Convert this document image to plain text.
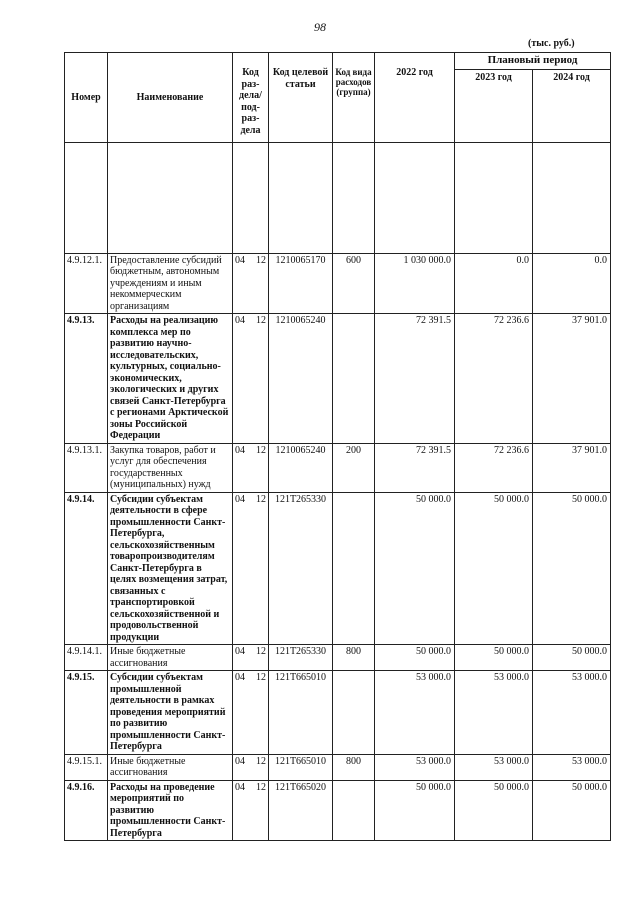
98
(тыс. руб.)
Номер	Наименование	Код раз- дела/ под- раз- дела	Код целевой статьи	Код вида расходов (группа)	2022 год	Плановый период	
						2023 год	2024 год

4.9.12.1.	Предоставление субсидий бюджетным, автономным учреждениям и иным некоммерческим организациям	04 12	1210065170	600	1 030 000.0	0.0	0.0
4.9.13.	Расходы на реализацию комплекса мер по развитию научно-исследовательских, культурных, социально-экономических, экологических и других связей Санкт-Петербурга с регионами Арктической зоны Российской Федерации	04 12	1210065240		72 391.5	72 236.6	37 901.0
4.9.13.1.	Закупка товаров, работ и услуг для обеспечения государственных (муниципальных) нужд	04 12	1210065240	200	72 391.5	72 236.6	37 901.0
4.9.14.	Субсидии субъектам деятельности в сфере промышленности Санкт-Петербурга, сельскохозяйственным товаропроизводителям Санкт-Петербурга в целях возмещения затрат, связанных с транспортировкой сельскохозяйственной и продовольственной продукции	04 12	121Т265330		50 000.0	50 000.0	50 000.0
4.9.14.1.	Иные бюджетные ассигнования	04 12	121Т265330	800	50 000.0	50 000.0	50 000.0
4.9.15.	Субсидии субъектам промышленной деятельности в рамках проведения мероприятий по развитию промышленности Санкт-Петербурга	04 12	121Т665010		53 000.0	53 000.0	53 000.0
4.9.15.1.	Иные бюджетные ассигнования	04 12	121Т665010	800	53 000.0	53 000.0	53 000.0
4.9.16.	Расходы на проведение мероприятий по развитию промышленности Санкт-Петербурга	04 12	121Т665020		50 000.0	50 000.0	50 000.0
